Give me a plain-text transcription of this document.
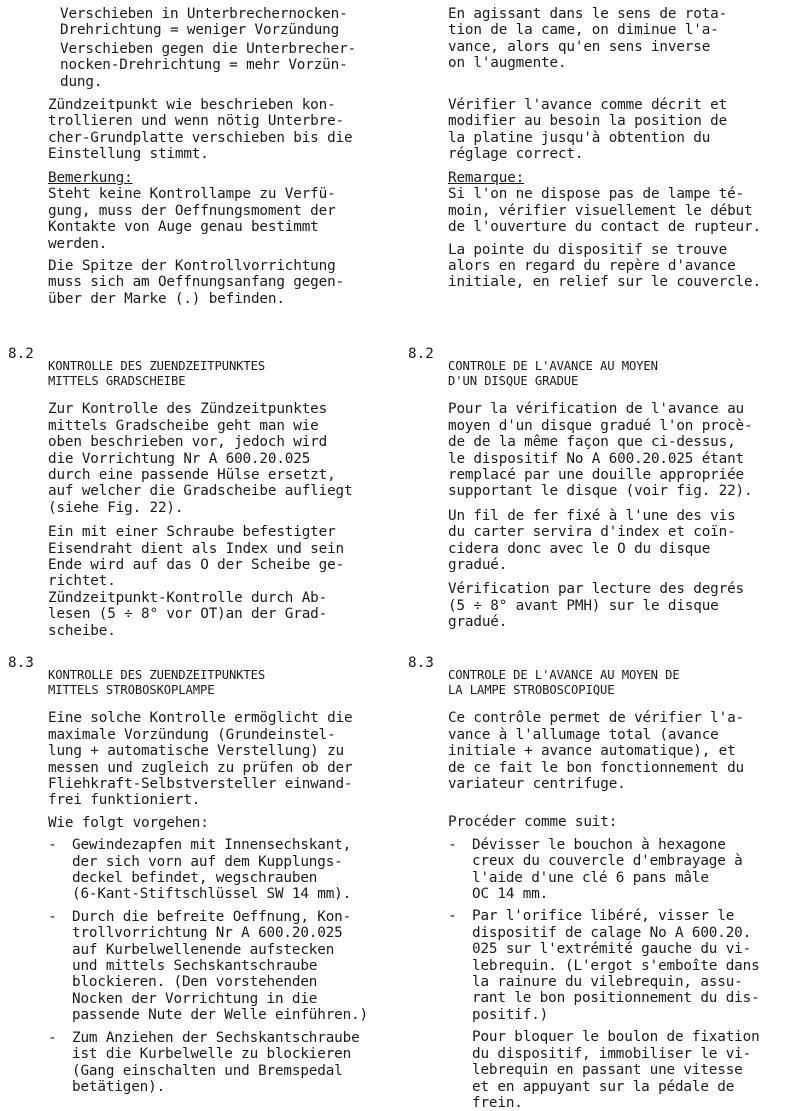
Verschieben in Unterbrechernocken-
Drehrichtung = weniger Vorzündung

Verschieben gegen die Unterbrecher-
nocken-Drehrichtung = mehr Vorzün-
dung.

Zündzeitpunkt wie beschrieben kon-
trollieren und wenn nötig Unterbre-
cher-Grundplatte verschieben bis die
Einstellung stimmt.

Bemerkung:

Steht keine Kontrollampe zu Verfü-
gung, muss der Oeffnungsmoment der
Kontakte von Auge genau bestimmt
werden.

Die Spitze der Kontrollvorrichtung
muss sich am Oeffnungsanfang gegen-
über der Marke (.) befinden.

8.2

KONTROLLE DES ZUENDZEITPUNKTES
MITTELS GRADSCHEIBE

Zur Kontrolle des Zündzeitpunktes
mittels Gradscheibe geht man wie
oben beschrieben vor, jedoch wird
die Vorrichtung Nr A 600.20.025
durch eine passende Hülse ersetzt,
auf welcher die Gradscheibe aufliegt
(siehe Fig. 22).

Ein mit einer Schraube befestigter
Eisendraht dient als Index und sein
Ende wird auf das O der Scheibe ge-
richtet.
Zündzeitpunkt-Kontrolle durch Ab-
lesen (5 ÷ 8° vor OT)an der Grad-
scheibe.

8.3

KONTROLLE DES ZUENDZEITPUNKTES
MITTELS STROBOSKOPLAMPE

Eine solche Kontrolle ermöglicht die
maximale Vorzündung (Grundeinstel-
lung + automatische Verstellung) zu
messen und zugleich zu prüfen ob der
Fliehkraft-Selbstversteller einwand-
frei funktioniert.

Wie folgt vorgehen:

-	Gewindezapfen mit Innensechskant,
der sich vorn auf dem Kupplungs-
deckel befindet, wegschrauben
(6-Kant-Stiftschlüssel SW 14 mm).
-	Durch die befreite Oeffnung, Kon-
trollvorrichtung Nr A 600.20.025
auf Kurbelwellenende aufstecken
und mittels Sechskantschraube
blockieren. (Den vorstehenden
Nocken der Vorrichtung in die
passende Nute der Welle einführen.)
-	Zum Anziehen der Sechskantschraube
ist die Kurbelwelle zu blockieren
(Gang einschalten und Bremspedal
betätigen).

En agissant dans le sens de rota-
tion de la came, on diminue l'a-
vance, alors qu'en sens inverse
on l'augmente.

Vérifier l'avance comme décrit et
modifier au besoin la position de
la platine jusqu'à obtention du
réglage correct.

Remarque:

Si l'on ne dispose pas de lampe té-
moin, vérifier visuellement le début
de l'ouverture du contact de rupteur.

La pointe du dispositif se trouve
alors en regard du repère d'avance
initiale, en relief sur le couvercle.

8.2

CONTROLE DE L'AVANCE AU MOYEN
D'UN DISQUE GRADUE

Pour la vérification de l'avance au
moyen d'un disque gradué l'on procè-
de de la même façon que ci-dessus,
le dispositif No A 600.20.025 étant
remplacé par une douille appropriée
supportant le disque (voir fig. 22).

Un fil de fer fixé à l'une des vis
du carter servira d'index et coïn-
cidera donc avec le O du disque
gradué.

Vérification par lecture des degrés
(5 ÷ 8° avant PMH) sur le disque
gradué.

8.3

CONTROLE DE L'AVANCE AU MOYEN DE
LA LAMPE STROBOSCOPIQUE

Ce contrôle permet de vérifier l'a-
vance à l'allumage total (avance
initiale + avance automatique), et
de ce fait le bon fonctionnement du
variateur centrifuge.

Procéder comme suit:

-	Dévisser le bouchon à hexagone
creux du couvercle d'embrayage à
l'aide d'une clé 6 pans mâle
OC 14 mm.
-	Par l'orifice libéré, visser le
dispositif de calage No A 600.20.
025 sur l'extrémité gauche du vi-
lebrequin. (L'ergot s'emboîte dans
la rainure du vilebrequin, assu-
rant le bon positionnement du dis-
positif.)

Pour bloquer le boulon de fixation
du dispositif, immobiliser le vi-
lebrequin en passant une vitesse
et en appuyant sur la pédale de
frein.
